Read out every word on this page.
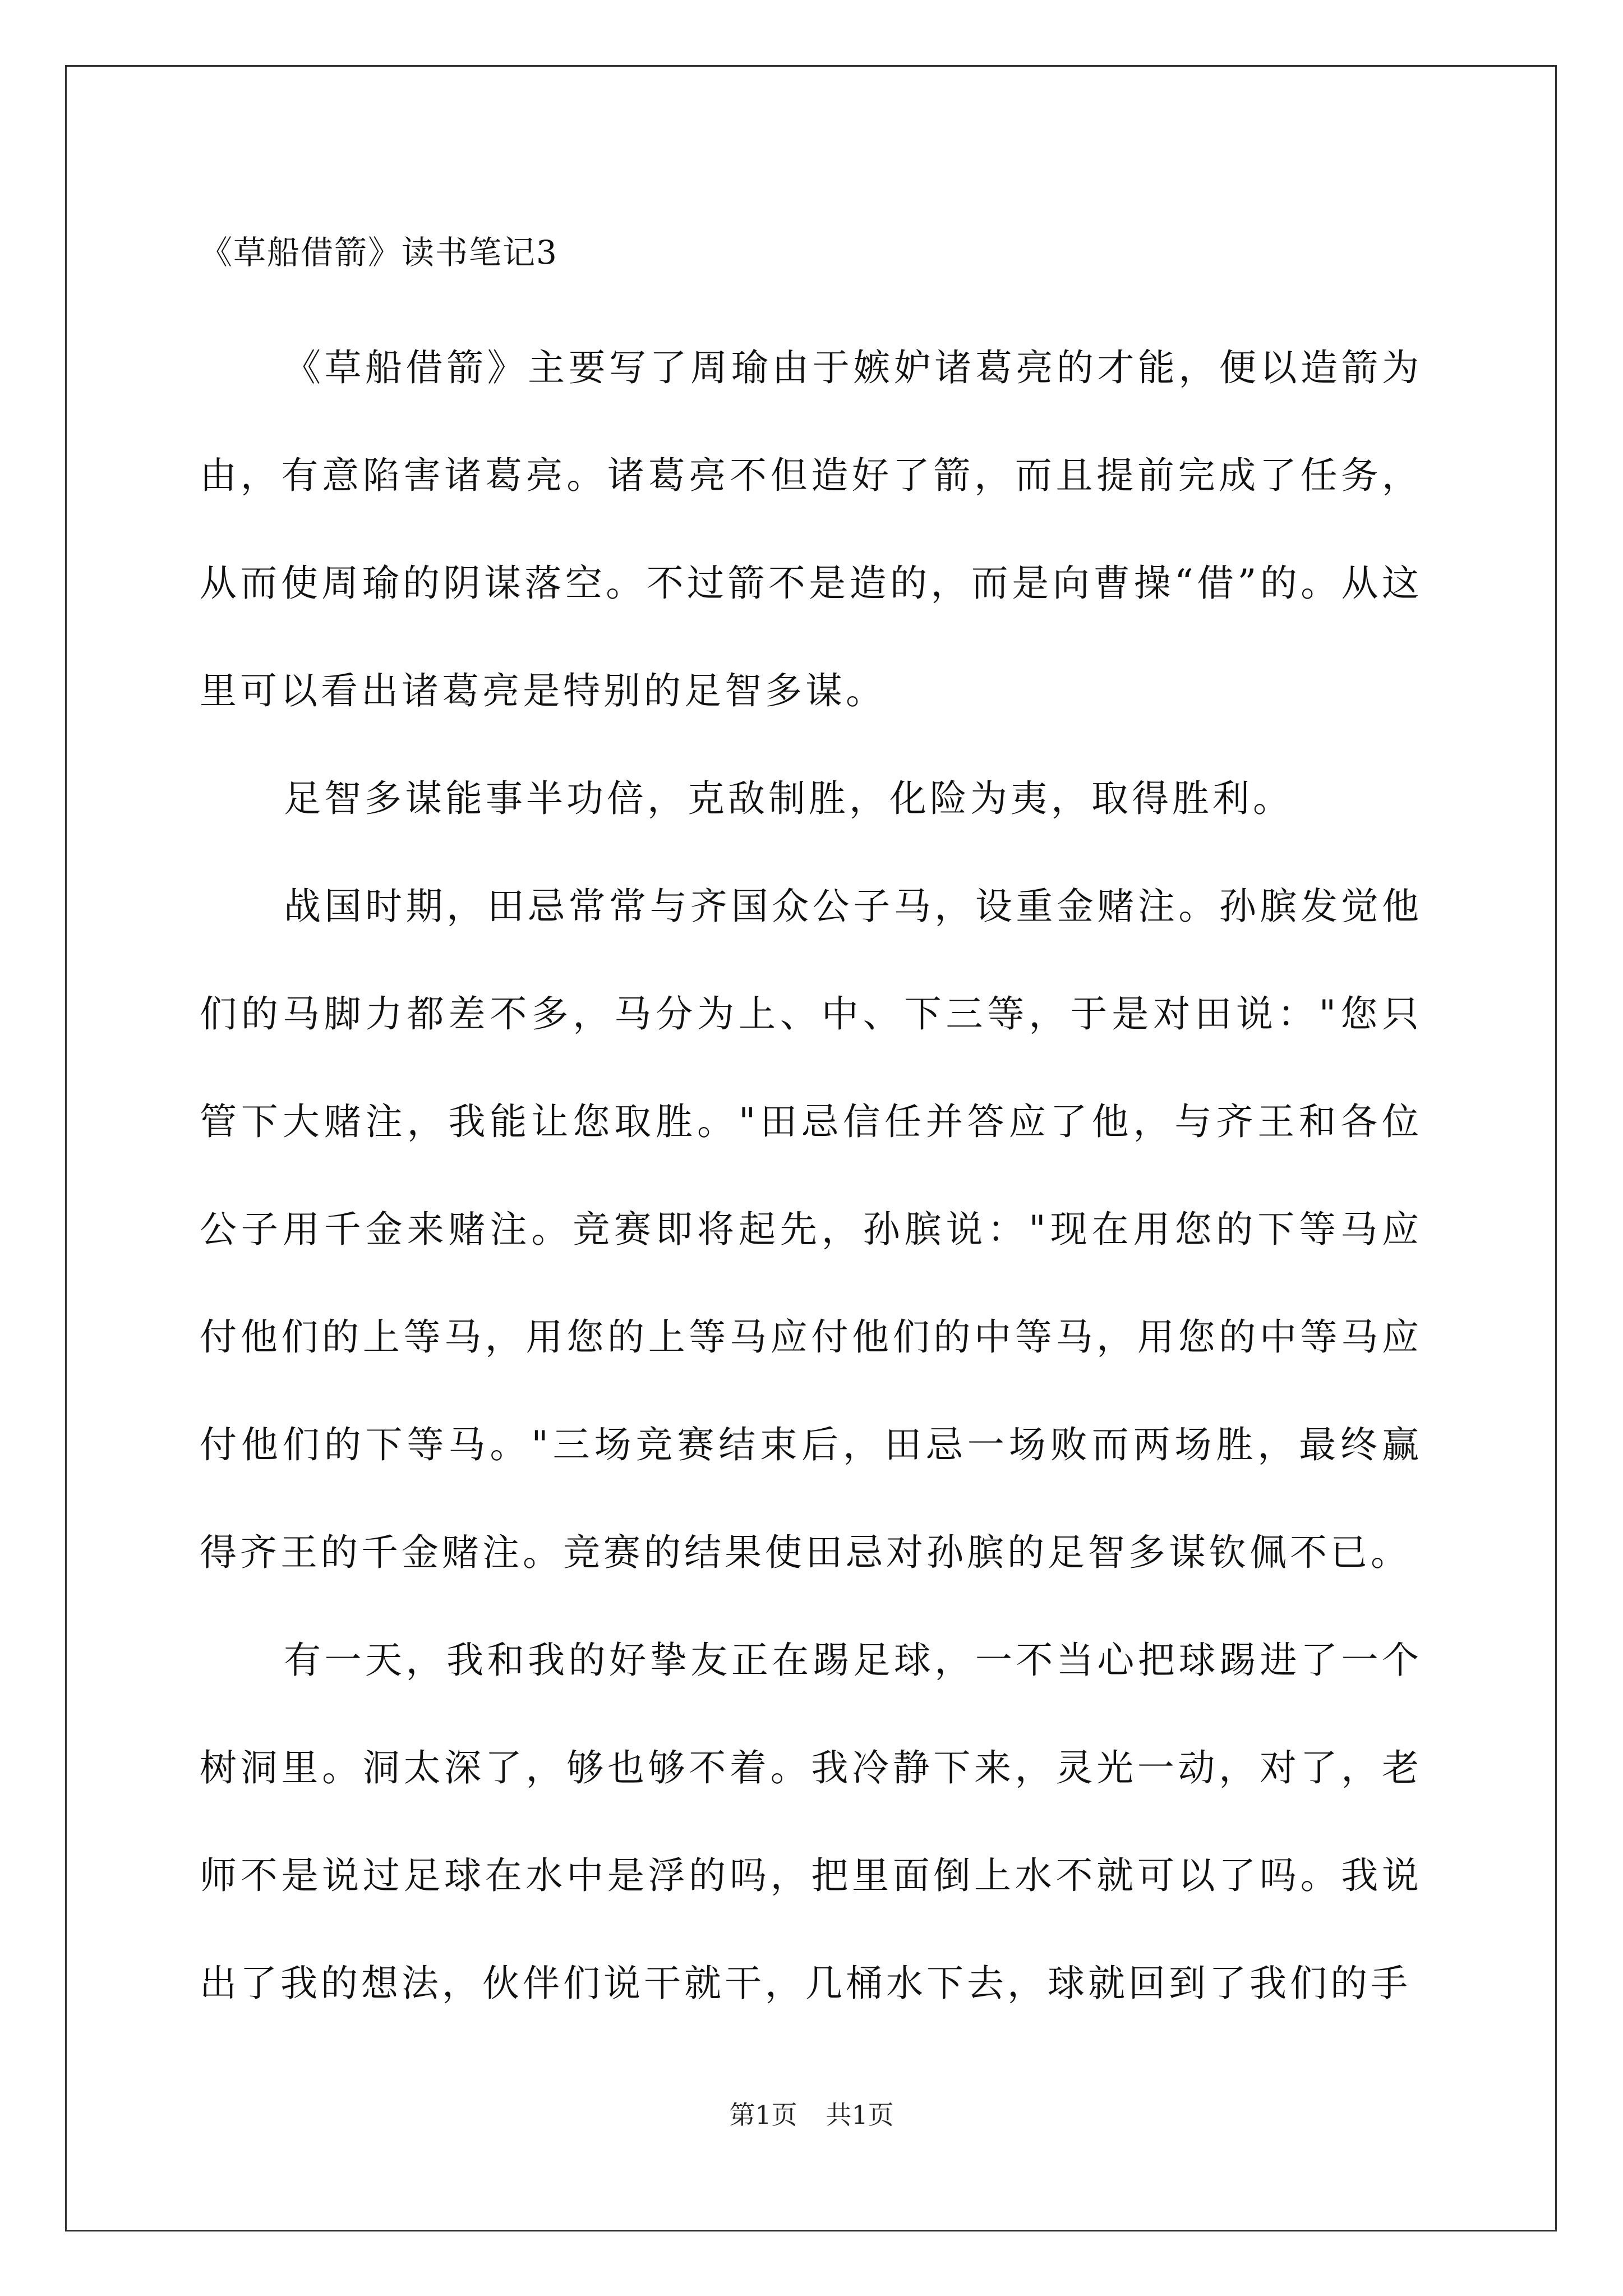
《草船借箭》读书笔记3

《草船借箭》主要写了周瑜由于嫉妒诸葛亮的才能，便以造箭为由，有意陷害诸葛亮。诸葛亮不但造好了箭，而且提前完成了任务，从而使周瑜的阴谋落空。不过箭不是造的，而是向曹操“借”的。从这里可以看出诸葛亮是特别的足智多谋。

足智多谋能事半功倍，克敌制胜，化险为夷，取得胜利。

战国时期，田忌常常与齐国众公子马，设重金赌注。孙膑发觉他们的马脚力都差不多，马分为上、中、下三等，于是对田说："您只管下大赌注，我能让您取胜。"田忌信任并答应了他，与齐王和各位公子用千金来赌注。竞赛即将起先，孙膑说："现在用您的下等马应付他们的上等马，用您的上等马应付他们的中等马，用您的中等马应付他们的下等马。"三场竞赛结束后，田忌一场败而两场胜，最终赢得齐王的千金赌注。竞赛的结果使田忌对孙膑的足智多谋钦佩不已。

有一天，我和我的好挚友正在踢足球，一不当心把球踢进了一个树洞里。洞太深了，够也够不着。我冷静下来，灵光一动，对了，老师不是说过足球在水中是浮的吗，把里面倒上水不就可以了吗。我说出了我的想法，伙伴们说干就干，几桶水下去，球就回到了我们的手

第1页 共1页
